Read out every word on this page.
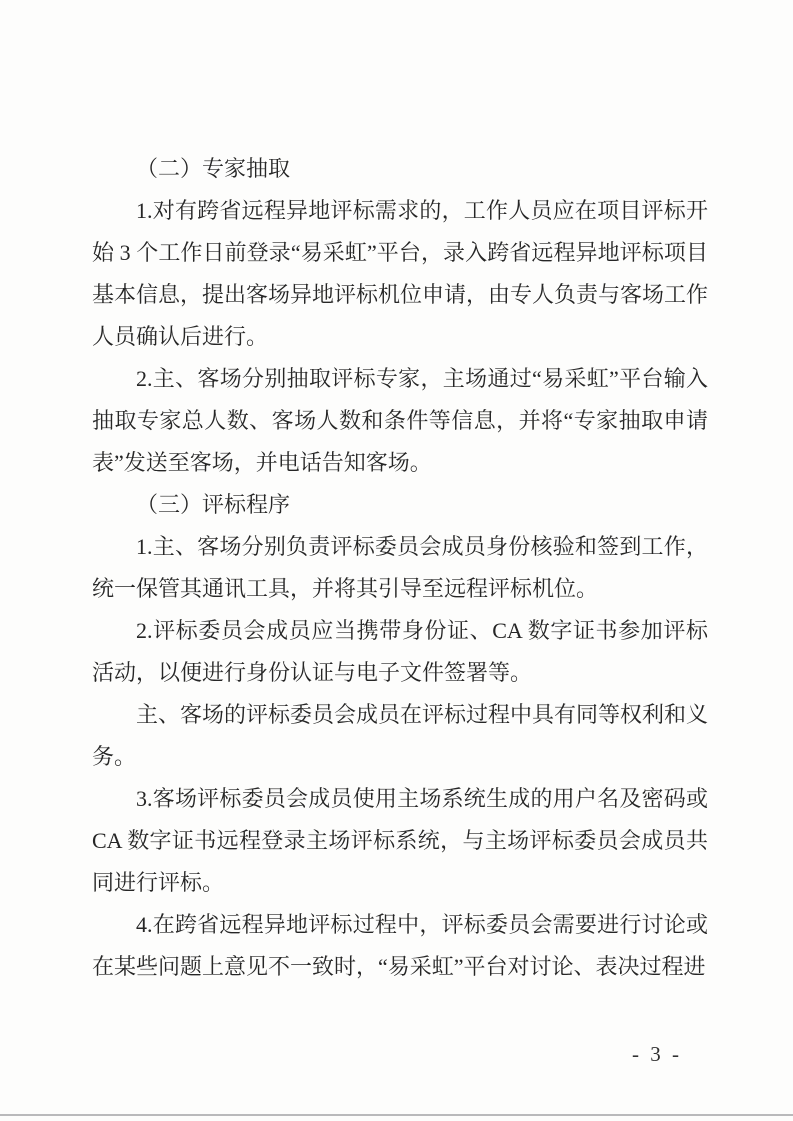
（二）专家抽取

1.对有跨省远程异地评标需求的，工作人员应在项目评标开始 3 个工作日前登录“易采虹”平台，录入跨省远程异地评标项目基本信息，提出客场异地评标机位申请，由专人负责与客场工作人员确认后进行。

2.主、客场分别抽取评标专家，主场通过“易采虹”平台输入抽取专家总人数、客场人数和条件等信息，并将“专家抽取申请表”发送至客场，并电话告知客场。

（三）评标程序

1.主、客场分别负责评标委员会成员身份核验和签到工作，统一保管其通讯工具，并将其引导至远程评标机位。

2.评标委员会成员应当携带身份证、CA 数字证书参加评标活动，以便进行身份认证与电子文件签署等。

主、客场的评标委员会成员在评标过程中具有同等权利和义务。

3.客场评标委员会成员使用主场系统生成的用户名及密码或 CA 数字证书远程登录主场评标系统，与主场评标委员会成员共同进行评标。

4.在跨省远程异地评标过程中，评标委员会需要进行讨论或在某些问题上意见不一致时，“易采虹”平台对讨论、表决过程进

- 3 -
